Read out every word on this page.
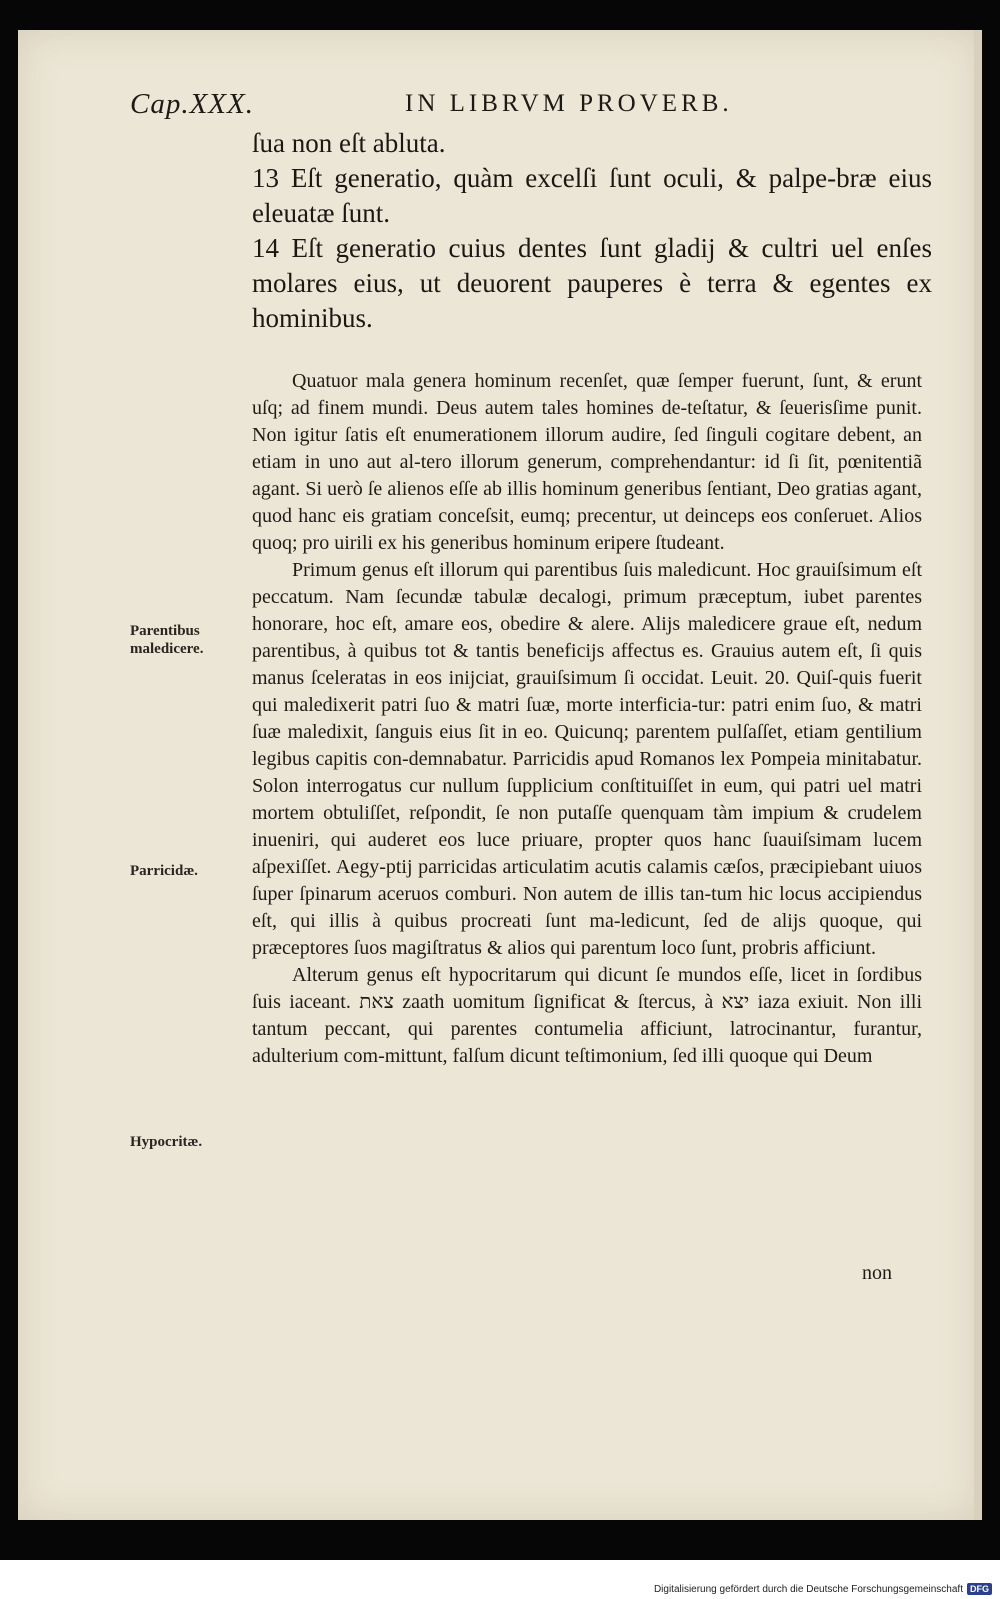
Cap.XXX.	IN LIBRVM PROVERB.

ſua non eſt abluta.

13 Eſt generatio, quàm excelſi ſunt oculi, & palpe-bræ eius eleuatæ ſunt.

14 Eſt generatio cuius dentes ſunt gladij & cultri uel enſes molares eius, ut deuorent pauperes è terra & egentes ex hominibus.

Quatuor mala genera hominum recenſet, quæ ſemper fuerunt, ſunt, & erunt uſq; ad finem mundi. Deus autem tales homines de-teſtatur, & ſeuerisſime punit. Non igitur ſatis eſt enumerationem illorum audire, ſed ſinguli cogitare debent, an etiam in uno aut al-tero illorum generum, comprehendantur: id ſi ſit, pœnitentiã agant. Si uerò ſe alienos eſſe ab illis hominum generibus ſentiant, Deo gratias agant, quod hanc eis gratiam conceſsit, eumq; precentur, ut deinceps eos conſeruet. Alios quoq; pro uirili ex his generibus hominum eripere ſtudeant.

Primum genus eſt illorum qui parentibus ſuis maledicunt. Hoc grauiſsimum eſt peccatum. Nam ſecundæ tabulæ decalogi, primum præceptum, iubet parentes honorare, hoc eſt, amare eos, obedire & alere. Alijs maledicere graue eſt, nedum parentibus, à quibus tot & tantis beneficijs affectus es. Grauius autem eſt, ſi quis manus ſceleratas in eos inijciat, grauiſsimum ſi occidat. Leuit. 20. Quiſ-quis fuerit qui maledixerit patri ſuo & matri ſuæ, morte interficia-tur: patri enim ſuo, & matri ſuæ maledixit, ſanguis eius ſit in eo. Quicunq; parentem pulſaſſet, etiam gentilium legibus capitis con-demnabatur. Parricidis apud Romanos lex Pompeia minitabatur. Solon interrogatus cur nullum ſupplicium conſtituiſſet in eum, qui patri uel matri mortem obtuliſſet, reſpondit, ſe non putaſſe quenquam tàm impium & crudelem inueniri, qui auderet eos luce priuare, propter quos hanc ſuauiſsimam lucem aſpexiſſet. Aegy-ptij parricidas articulatim acutis calamis cæſos, præcipiebant uiuos ſuper ſpinarum aceruos comburi. Non autem de illis tan-tum hic locus accipiendus eſt, qui illis à quibus procreati ſunt ma-ledicunt, ſed de alijs quoque, qui præceptores ſuos magiſtratus & alios qui parentum loco ſunt, probris afficiunt.

Alterum genus eſt hypocritarum qui dicunt ſe mundos eſſe, licet in ſordibus ſuis iaceant. צאת zaath uomitum ſignificat & ſtercus, à יצא iaza exiuit. Non illi tantum peccant, qui parentes contumelia afficiunt, latrocinantur, furantur, adulterium com-mittunt, falſum dicunt teſtimonium, ſed illi quoque qui Deum

Parentibus maledicere.
Parricidæ.
Hypocritæ.
non
Digitalisierung gefördert durch die Deutsche Forschungsgemeinschaft DFG
